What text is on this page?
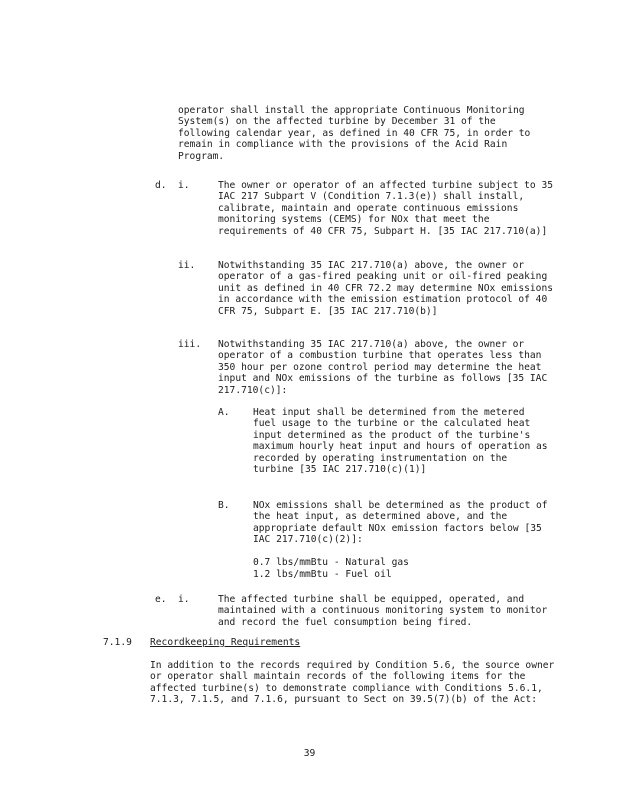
operator shall install the appropriate Continuous Monitoring System(s) on the affected turbine by December 31 of the following calendar year, as defined in 40 CFR 75, in order to remain in compliance with the provisions of the Acid Rain Program.

d. i.	The owner or operator of an affected turbine subject to 35 IAC 217 Subpart V (Condition 7.1.3(e)) shall install, calibrate, maintain and operate continuous emissions monitoring systems (CEMS) for NOx that meet the requirements of 40 CFR 75, Subpart H. [35 IAC 217.710(a)]

ii. Notwithstanding 35 IAC 217.710(a) above, the owner or operator of a gas-fired peaking unit or oil-fired peaking unit as defined in 40 CFR 72.2 may determine NOx emissions in accordance with the emission estimation protocol of 40 CFR 75, Subpart E. [35 IAC 217.710(b)]

iii. Notwithstanding 35 IAC 217.710(a) above, the owner or operator of a combustion turbine that operates less than 350 hour per ozone control period may determine the heat input and NOx emissions of the turbine as follows [35 IAC 217.710(c)]:

A. Heat input shall be determined from the metered fuel usage to the turbine or the calculated heat input determined as the product of the turbine's maximum hourly heat input and hours of operation as recorded by operating instrumentation on the turbine [35 IAC 217.710(c)(1)]

B. NOx emissions shall be determined as the product of the heat input, as determined above, and the appropriate default NOx emission factors below [35 IAC 217.710(c)(2)]:

0.7 lbs/mmBtu - Natural gas

1.2 lbs/mmBtu - Fuel oil

e. i.	The affected turbine shall be equipped, operated, and maintained with a continuous monitoring system to monitor and record the fuel consumption being fired.

7.1.9 Recordkeeping Requirements

In addition to the records required by Condition 5.6, the source owner or operator shall maintain records of the following items for the affected turbine(s) to demonstrate compliance with Conditions 5.6.1, 7.1.3, 7.1.5, and 7.1.6, pursuant to Sect on 39.5(7)(b) of the Act:

39
